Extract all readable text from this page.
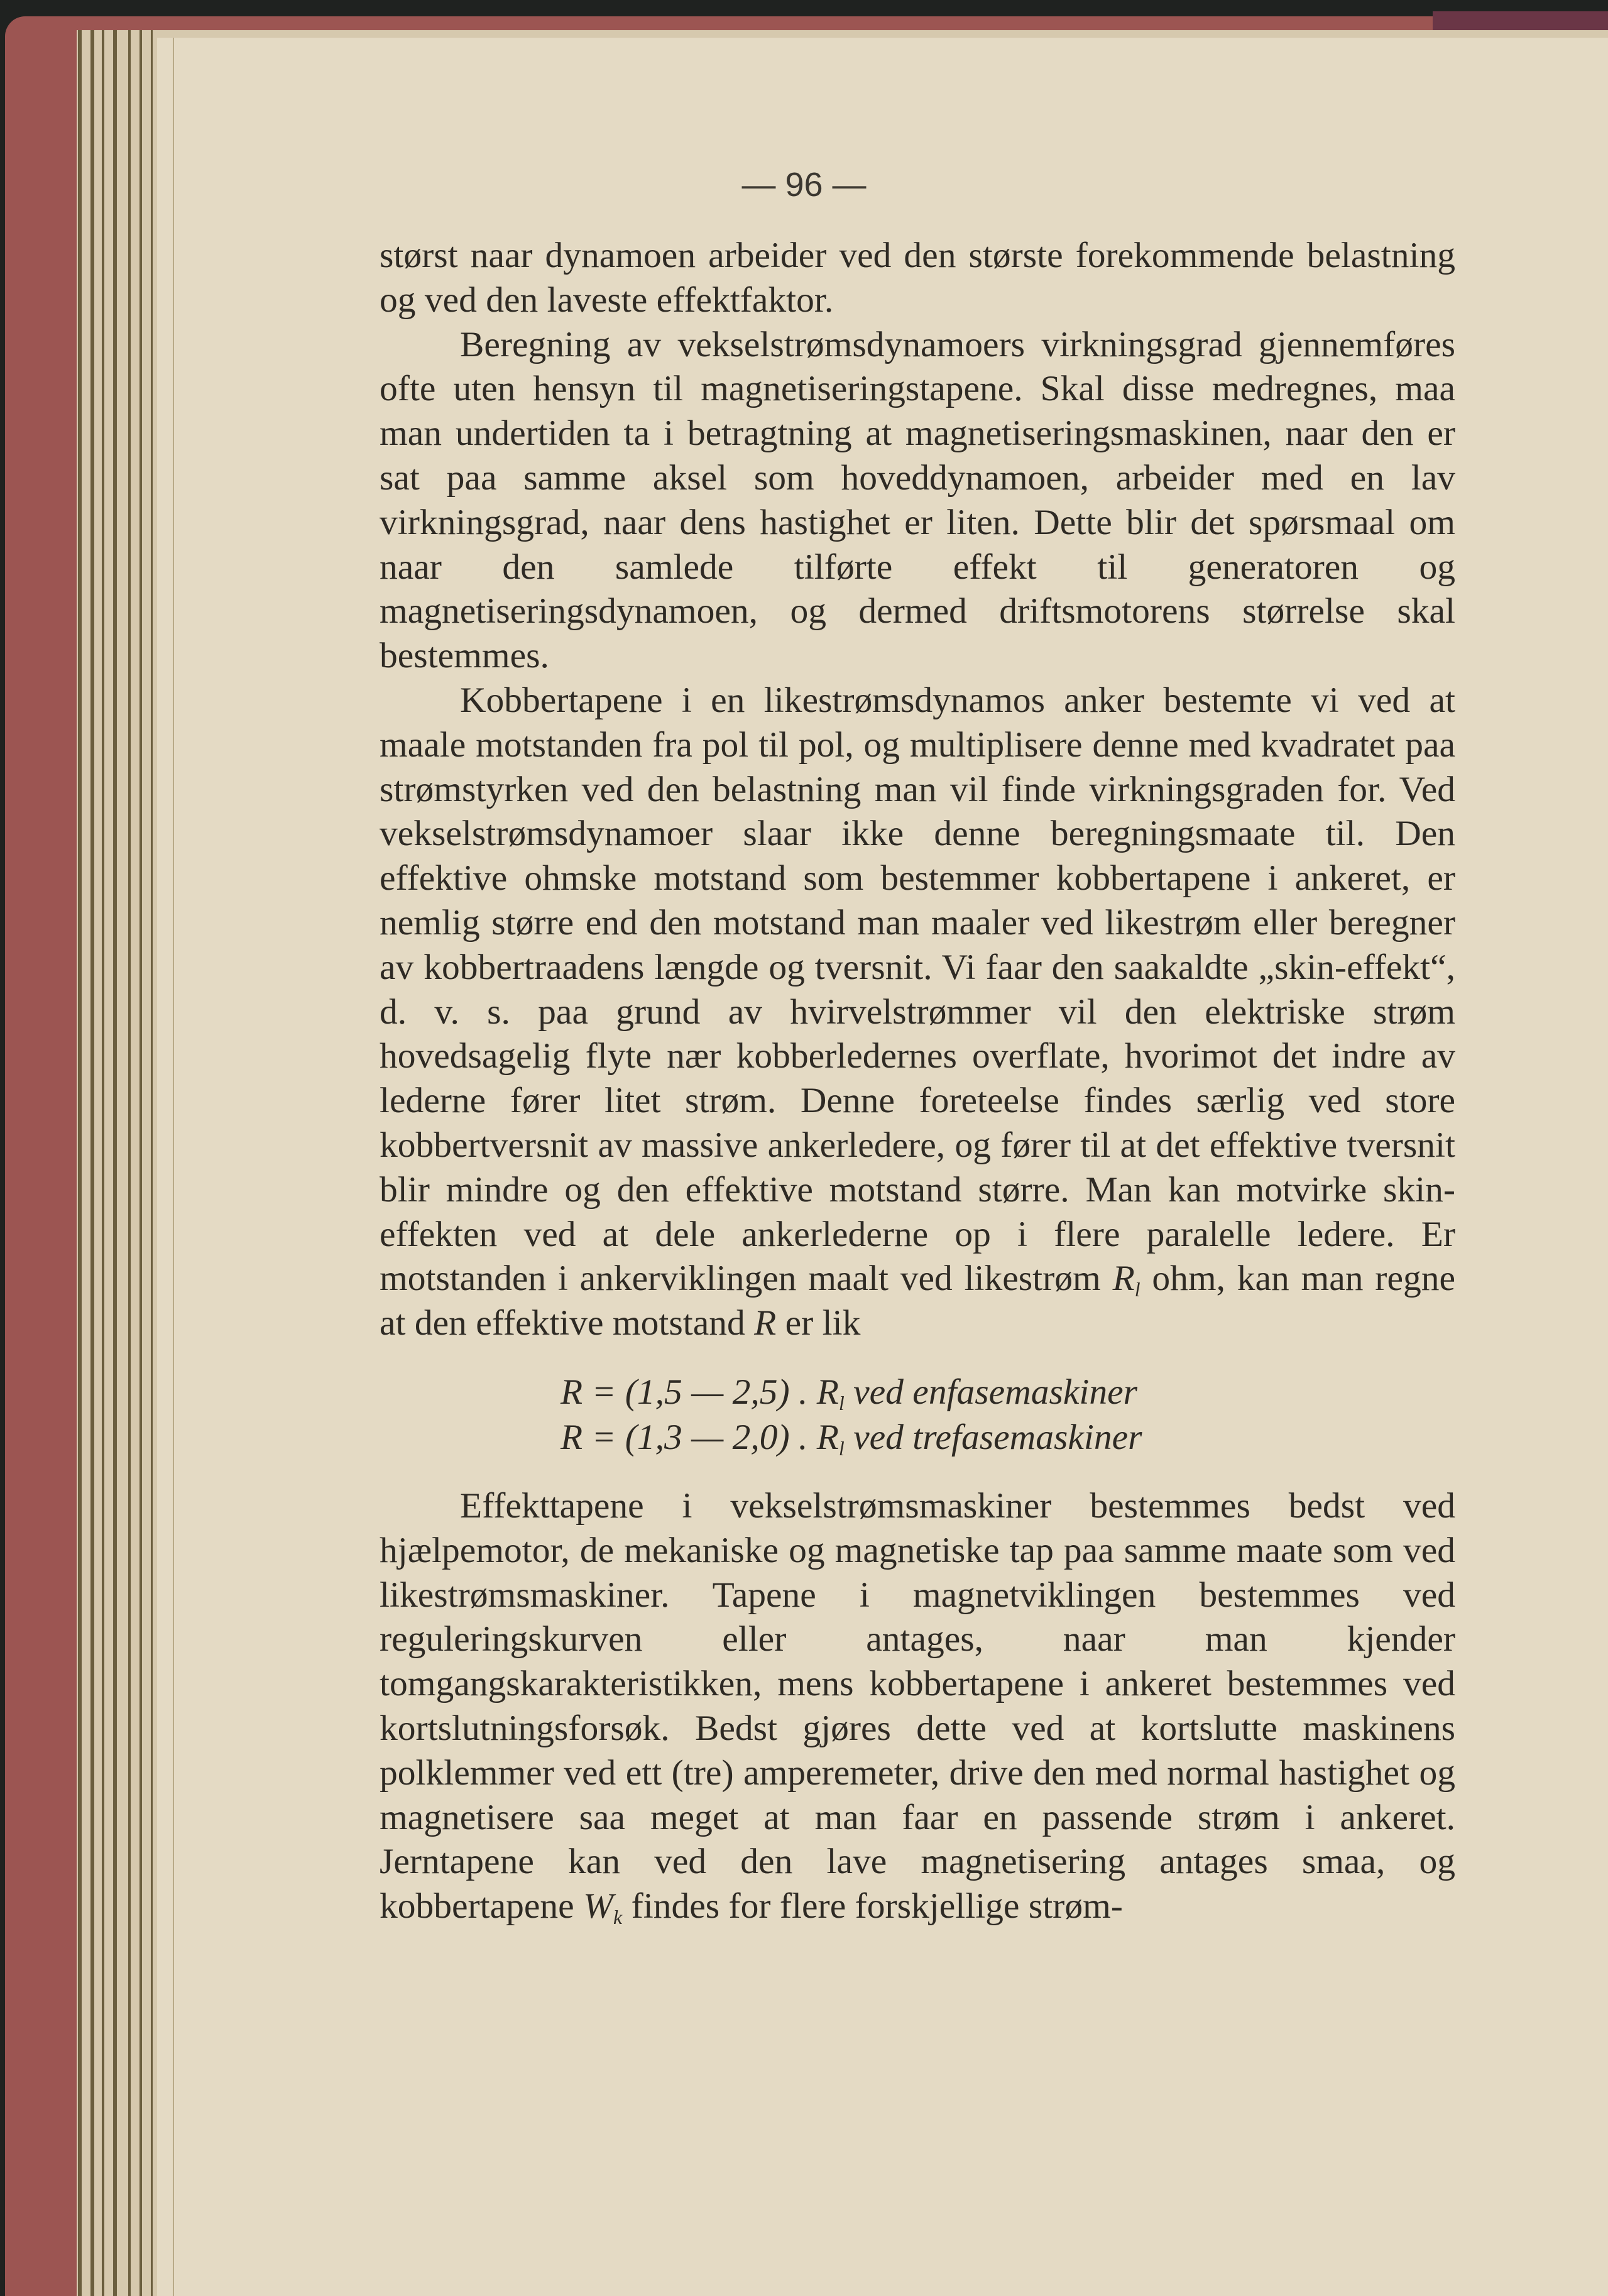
— 96 —

størst naar dynamoen arbeider ved den største forekommende belastning og ved den laveste effektfaktor.

Beregning av vekselstrømsdynamoers virkningsgrad gjennemføres ofte uten hensyn til magnetiseringstapene. Skal disse medregnes, maa man undertiden ta i betragtning at magnetiseringsmaskinen, naar den er sat paa samme aksel som hoveddynamoen, arbeider med en lav virkningsgrad, naar dens hastighet er liten. Dette blir det spørsmaal om naar den samlede tilførte effekt til generatoren og magnetiseringsdynamoen, og dermed driftsmotorens størrelse skal bestemmes.

Kobbertapene i en likestrømsdynamos anker bestemte vi ved at maale motstanden fra pol til pol, og multiplisere denne med kvadratet paa strømstyrken ved den belastning man vil finde virkningsgraden for. Ved vekselstrømsdynamoer slaar ikke denne beregningsmaate til. Den effektive ohmske motstand som bestemmer kobbertapene i ankeret, er nemlig større end den motstand man maaler ved likestrøm eller beregner av kobbertraadens længde og tversnit. Vi faar den saakaldte „skin-effekt“, d. v. s. paa grund av hvirvelstrømmer vil den elektriske strøm hovedsagelig flyte nær kobberledernes overflate, hvorimot det indre av lederne fører litet strøm. Denne foreteelse findes særlig ved store kobbertversnit av massive ankerledere, og fører til at det effektive tversnit blir mindre og den effektive motstand større. Man kan motvirke skin-effekten ved at dele ankerlederne op i flere paralelle ledere. Er motstanden i ankerviklingen maalt ved likestrøm $R_l$ ohm, kan man regne at den effektive motstand R er lik

R = (1,5 — 2,5) . $R_l$ ved enfasemaskiner
R = (1,3 — 2,0) . $R_l$ ved trefasemaskiner

Effekttapene i vekselstrømsmaskiner bestemmes bedst ved hjælpemotor, de mekaniske og magnetiske tap paa samme maate som ved likestrømsmaskiner. Tapene i magnetviklingen bestemmes ved reguleringskurven eller antages, naar man kjender tomgangskarakteristikken, mens kobbertapene i ankeret bestemmes ved kortslutningsforsøk. Bedst gjøres dette ved at kortslutte maskinens polklemmer ved ett (tre) amperemeter, drive den med normal hastighet og magnetisere saa meget at man faar en passende strøm i ankeret. Jerntapene kan ved den lave magnetisering antages smaa, og kobbertapene $W_k$ findes for flere forskjellige strøm-
